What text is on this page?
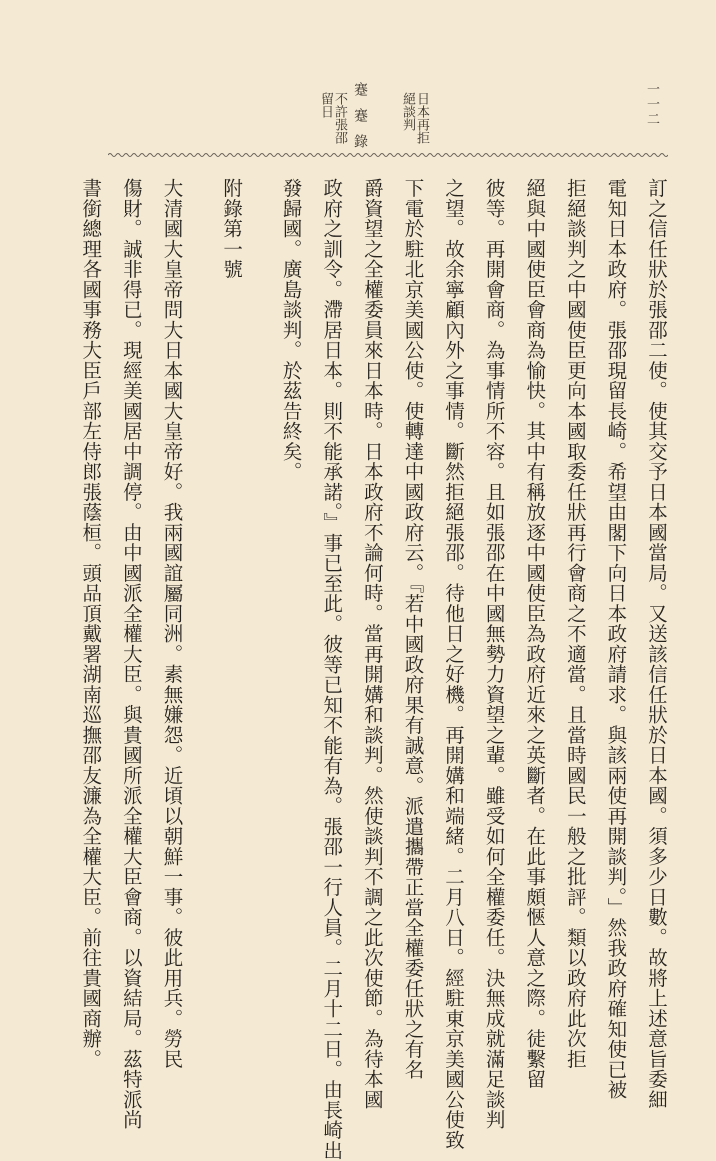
蹇蹇錄	一一二
日本再拒
絕談判
不許張邵
留日
訂之信任狀於張邵二使。使其交予日本國當局。又送該信任狀於日本國。須多少日數。故將上述意旨委細
電知日本政府。張邵現留長崎。希望由閣下向日本政府請求。與該兩使再開談判。」然我政府確知使已被
拒絕談判之中國使臣更向本國取委任狀再行會商之不適當。且當時國民一般之批評。類以政府此次拒
絕與中國使臣會商為愉快。其中有稱放逐中國使臣為政府近來之英斷者。在此事頗愜人意之際。徒繫留
彼等。再開會商。為事情所不容。且如張邵在中國無勢力資望之輩。雖受如何全權委任。決無成就滿足談判
之望。故余寧顧內外之事情。斷然拒絕張邵。待他日之好機。再開媾和端緒。二月八日。經駐東京美國公使致
下電於駐北京美國公使。使轉達中國政府云。『若中國政府果有誠意。派遣攜帶正當全權委任狀之有名
爵資望之全權委員來日本時。日本政府不論何時。當再開媾和談判。然使談判不調之此次使節。為待本國
政府之訓令。滯居日本。則不能承諾。』事已至此。彼等已知不能有為。張邵一行人員。二月十二日。由長崎出
發歸國。廣島談判。於茲告終矣。
附錄第一號
大清國大皇帝問大日本國大皇帝好。我兩國誼屬同洲。素無嫌怨。近頃以朝鮮一事。彼此用兵。勞民
傷財。誠非得已。現經美國居中調停。由中國派全權大臣。與貴國所派全權大臣會商。以資結局。茲特派尚
書銜總理各國事務大臣戶部左侍郎張蔭桓。頭品頂戴署湖南巡撫邵友濂為全權大臣。前往貴國商辦。
